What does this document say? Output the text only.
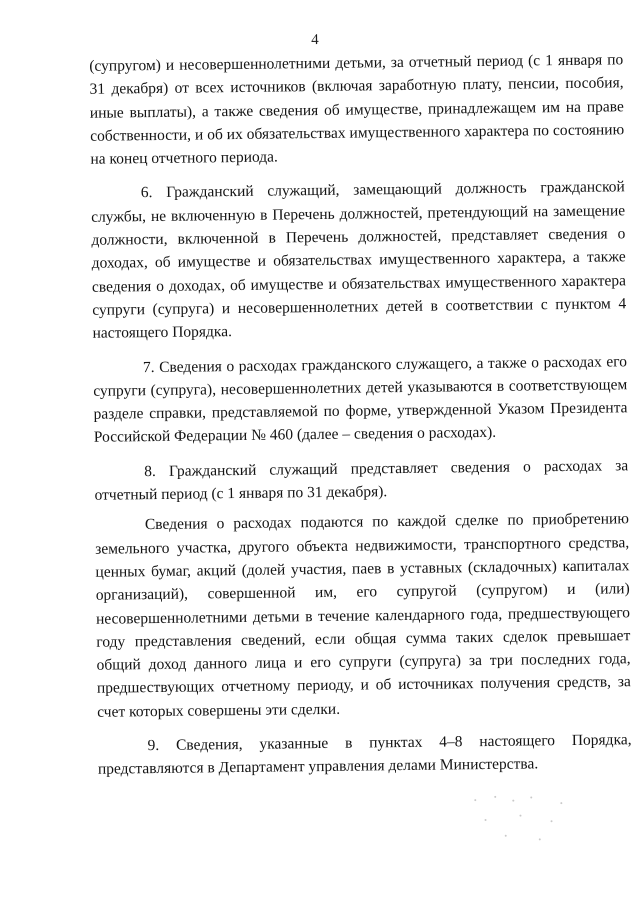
4

(супругом) и несовершеннолетними детьми, за отчетный период (с 1 января по 31 декабря) от всех источников (включая заработную плату, пенсии, пособия, иные выплаты), а также сведения об имуществе, принадлежащем им на праве собственности, и об их обязательствах имущественного характера по состоянию на конец отчетного периода.

6. Гражданский служащий, замещающий должность гражданской службы, не включенную в Перечень должностей, претендующий на замещение должности, включенной в Перечень должностей, представляет сведения о доходах, об имуществе и обязательствах имущественного характера, а также сведения о доходах, об имуществе и обязательствах имущественного характера супруги (супруга) и несовершеннолетних детей в соответствии с пунктом 4 настоящего Порядка.

7. Сведения о расходах гражданского служащего, а также о расходах его супруги (супруга), несовершеннолетних детей указываются в соответствующем разделе справки, представляемой по форме, утвержденной Указом Президента Российской Федерации № 460 (далее – сведения о расходах).

8. Гражданский служащий представляет сведения о расходах за отчетный период (с 1 января по 31 декабря).

Сведения о расходах подаются по каждой сделке по приобретению земельного участка, другого объекта недвижимости, транспортного средства, ценных бумаг, акций (долей участия, паев в уставных (складочных) капиталах организаций), совершенной им, его супругой (супругом) и (или) несовершеннолетними детьми в течение календарного года, предшествующего году представления сведений, если общая сумма таких сделок превышает общий доход данного лица и его супруги (супруга) за три последних года, предшествующих отчетному периоду, и об источниках получения средств, за счет которых совершены эти сделки.

9. Сведения, указанные в пунктах 4–8 настоящего Порядка, представляются в Департамент управления делами Министерства.
